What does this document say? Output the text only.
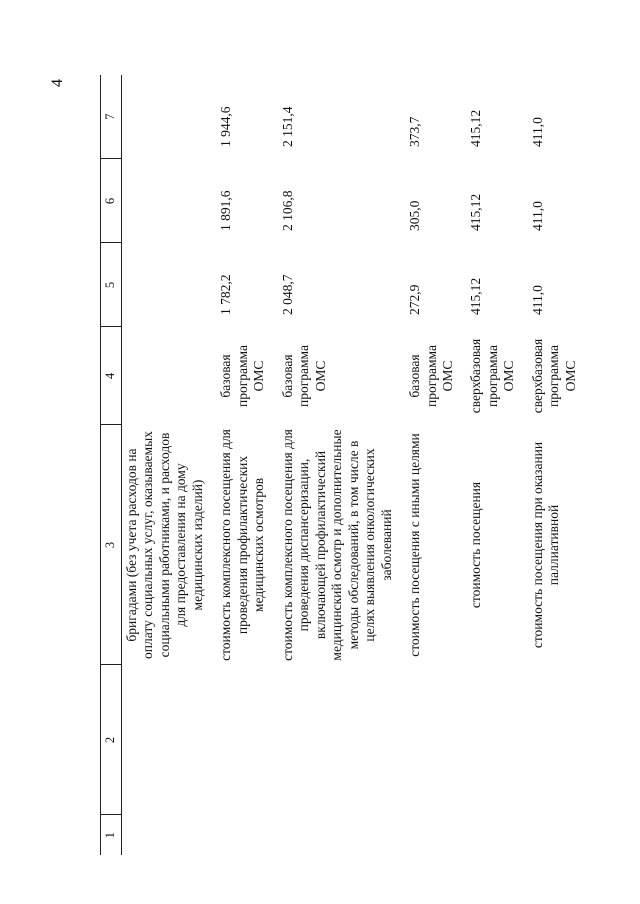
4
1	2	3	4	5	6	7
		бригадами (без учета расходов на оплату социальных услуг, оказываемых социальными работниками, и расходов для предоставления на дому медицинских изделий)				
		стоимость комплексного посещения для проведения профилактических медицинских осмотров	базовая программа ОМС	1 782,2	1 891,6	1 944,6
		стоимость комплексного посещения для проведения диспансеризации, включающей профилактический медицинский осмотр и дополнительные методы обследований, в том числе в целях выявления онкологических заболеваний	базовая программа ОМС	2 048,7	2 106,8	2 151,4
		стоимость посещения с иными целями	базовая программа ОМС	272,9	305,0	373,7
		стоимость посещения	сверхбазовая программа ОМС	415,12	415,12	415,12
		стоимость посещения при оказании паллиативной	сверхбазовая программа ОМС	411,0	411,0	411,0
